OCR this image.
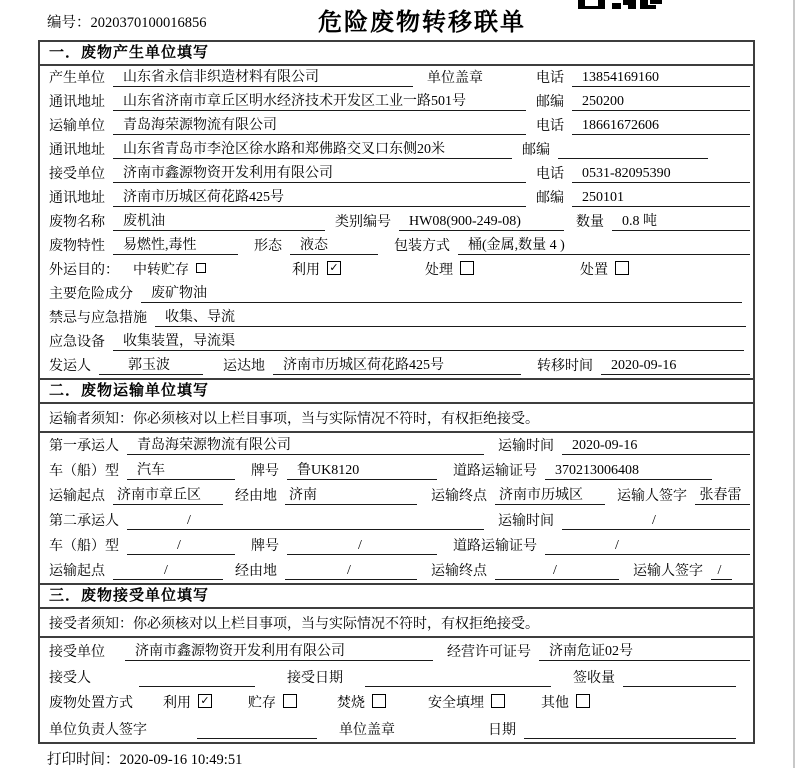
编号：2020370100016856	危险废物转移联单
一．废物产生单位填写
产生单位	山东省永信非织造材料有限公司	单位盖章	电话	13854169160
通讯地址	山东省济南市章丘区明水经济技术开发区工业一路501号	邮编	250200
运输单位	青岛海荣源物流有限公司	电话	18661672606
通讯地址	山东省青岛市李沧区徐水路和郑佛路交叉口东侧20米	邮编
接受单位	济南市鑫源物资开发利用有限公司	电话	0531-82095390
通讯地址	济南市历城区荷花路425号	邮编	250101
废物名称	废机油	类别编号	HW08(900-249-08)	数量	0.8 吨
废物特性	易燃性,毒性	形态	液态	包装方式	桶(金属,数量 4 )
外运目的： 中转贮存	利用 ✓	处理	处置
主要危险成分	废矿物油
禁忌与应急措施	收集、导流
应急设备	收集装置，导流渠
发运人	郭玉波	运达地	济南市历城区荷花路425号	转移时间	2020-09-16
二．废物运输单位填写
运输者须知： 你必须核对以上栏目事项，当与实际情况不符时，有权拒绝接受。
第一承运人	青岛海荣源物流有限公司	运输时间	2020-09-16
车（船）型	汽车	牌号	鲁UK8120	道路运输证号	370213006408
运输起点 济南市章丘区	经由地 济南	运输终点 济南市历城区	运输人签字 张春雷
第二承运人	/	运输时间	/
车（船）型	/	牌号	/	道路运输证号	/
运输起点	/	经由地	/	运输终点	/	运输人签字	/
三．废物接受单位填写
接受者须知： 你必须核对以上栏目事项，当与实际情况不符时，有权拒绝接受。
接受单位	济南市鑫源物资开发利用有限公司	经营许可证号	济南危证02号
接受人	接受日期	签收量
废物处置方式 利用 ✓	贮存	焚烧	安全填埋	其他
单位负责人签字	单位盖章	日期
打印时间：2020-09-16 10:49:51
